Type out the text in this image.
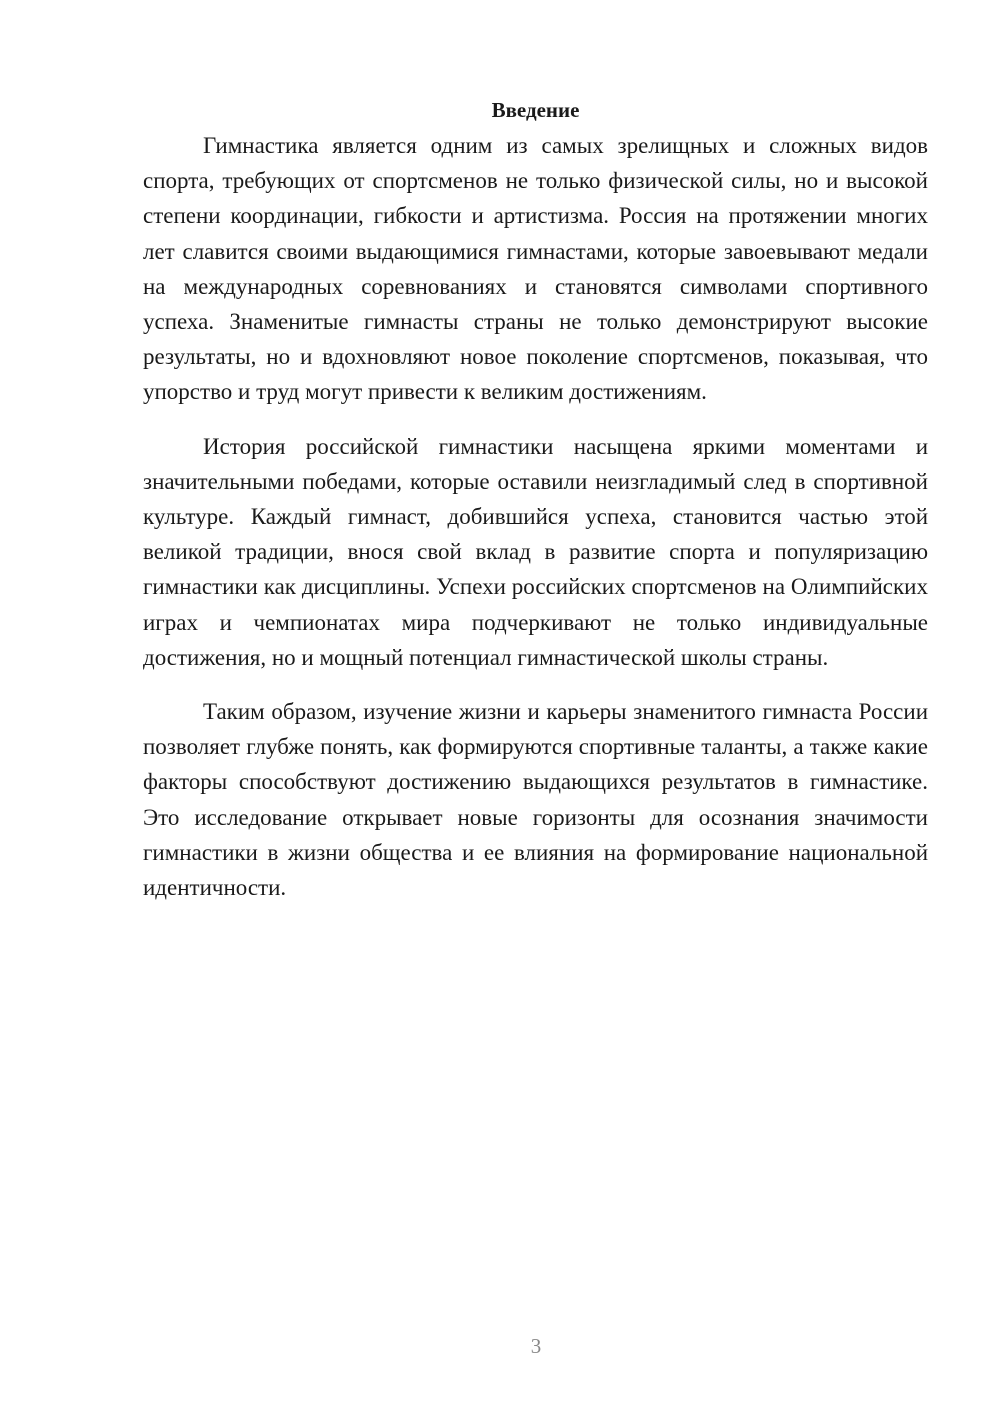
Введение

Гимнастика является одним из самых зрелищных и сложных видов спорта, требующих от спортсменов не только физической силы, но и высокой степени координации, гибкости и артистизма. Россия на протяжении многих лет славится своими выдающимися гимнастами, которые завоевывают медали на международных соревнованиях и становятся символами спортивного успеха. Знаменитые гимнасты страны не только демонстрируют высокие результаты, но и вдохновляют новое поколение спортсменов, показывая, что упорство и труд могут привести к великим достижениям.

История российской гимнастики насыщена яркими моментами и значительными победами, которые оставили неизгладимый след в спортивной культуре. Каждый гимнаст, добившийся успеха, становится частью этой великой традиции, внося свой вклад в развитие спорта и популяризацию гимнастики как дисциплины. Успехи российских спортсменов на Олимпийских играх и чемпионатах мира подчеркивают не только индивидуальные достижения, но и мощный потенциал гимнастической школы страны.

Таким образом, изучение жизни и карьеры знаменитого гимнаста России позволяет глубже понять, как формируются спортивные таланты, а также какие факторы способствуют достижению выдающихся результатов в гимнастике. Это исследование открывает новые горизонты для осознания значимости гимнастики в жизни общества и ее влияния на формирование национальной идентичности.

3
